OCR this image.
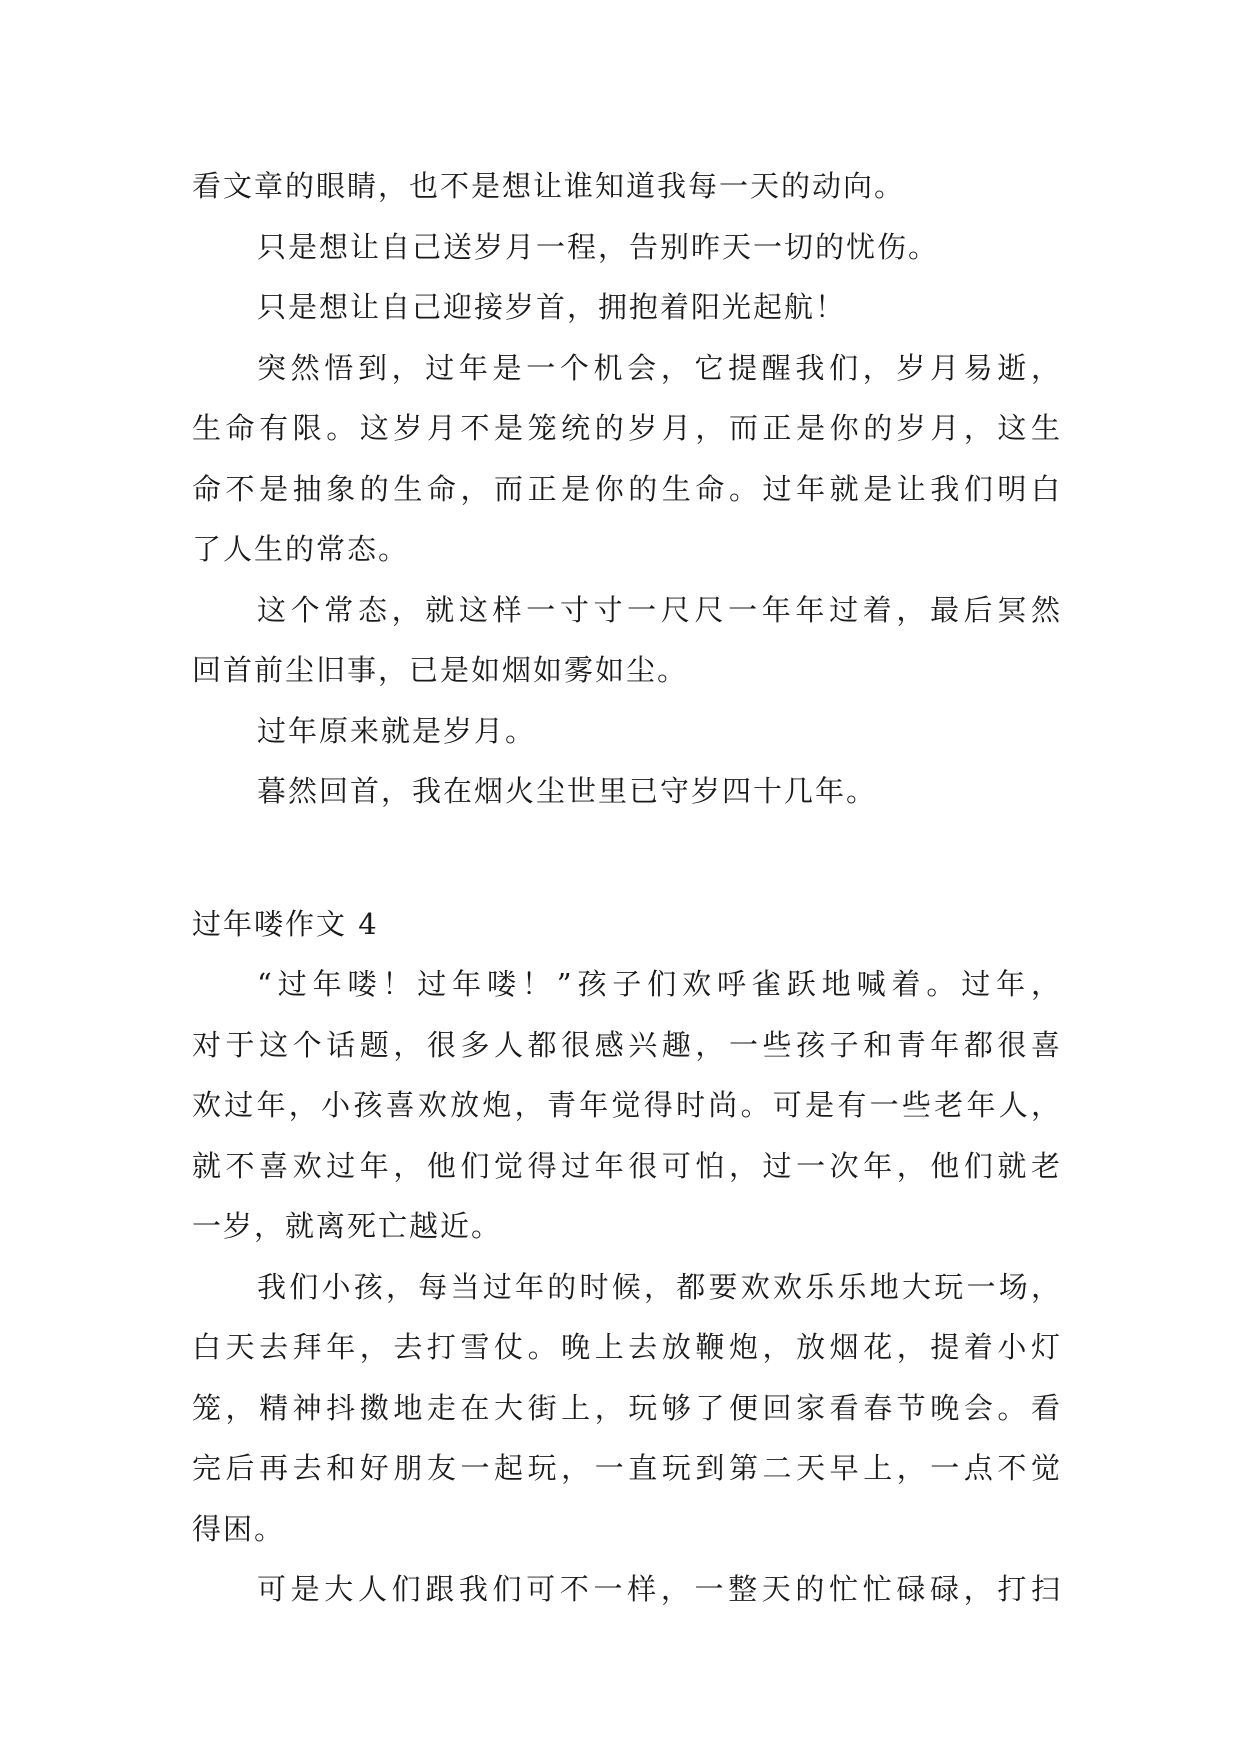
看文章的眼睛，也不是想让谁知道我每一天的动向。
只是想让自己送岁月一程，告别昨天一切的忧伤。
只是想让自己迎接岁首，拥抱着阳光起航！
突然悟到，过年是一个机会，它提醒我们，岁月易逝，
生命有限。这岁月不是笼统的岁月，而正是你的岁月，这生
命不是抽象的生命，而正是你的生命。过年就是让我们明白
了人生的常态。
这个常态，就这样一寸寸一尺尺一年年过着，最后冥然
回首前尘旧事，已是如烟如雾如尘。
过年原来就是岁月。
暮然回首，我在烟火尘世里已守岁四十几年。
过年喽作文 4
“过年喽！过年喽！”孩子们欢呼雀跃地喊着。过年，
对于这个话题，很多人都很感兴趣，一些孩子和青年都很喜
欢过年，小孩喜欢放炮，青年觉得时尚。可是有一些老年人，
就不喜欢过年，他们觉得过年很可怕，过一次年，他们就老
一岁，就离死亡越近。
我们小孩，每当过年的时候，都要欢欢乐乐地大玩一场，
白天去拜年，去打雪仗。晚上去放鞭炮，放烟花，提着小灯
笼，精神抖擞地走在大街上，玩够了便回家看春节晚会。看
完后再去和好朋友一起玩，一直玩到第二天早上，一点不觉
得困。
可是大人们跟我们可不一样，一整天的忙忙碌碌，打扫
